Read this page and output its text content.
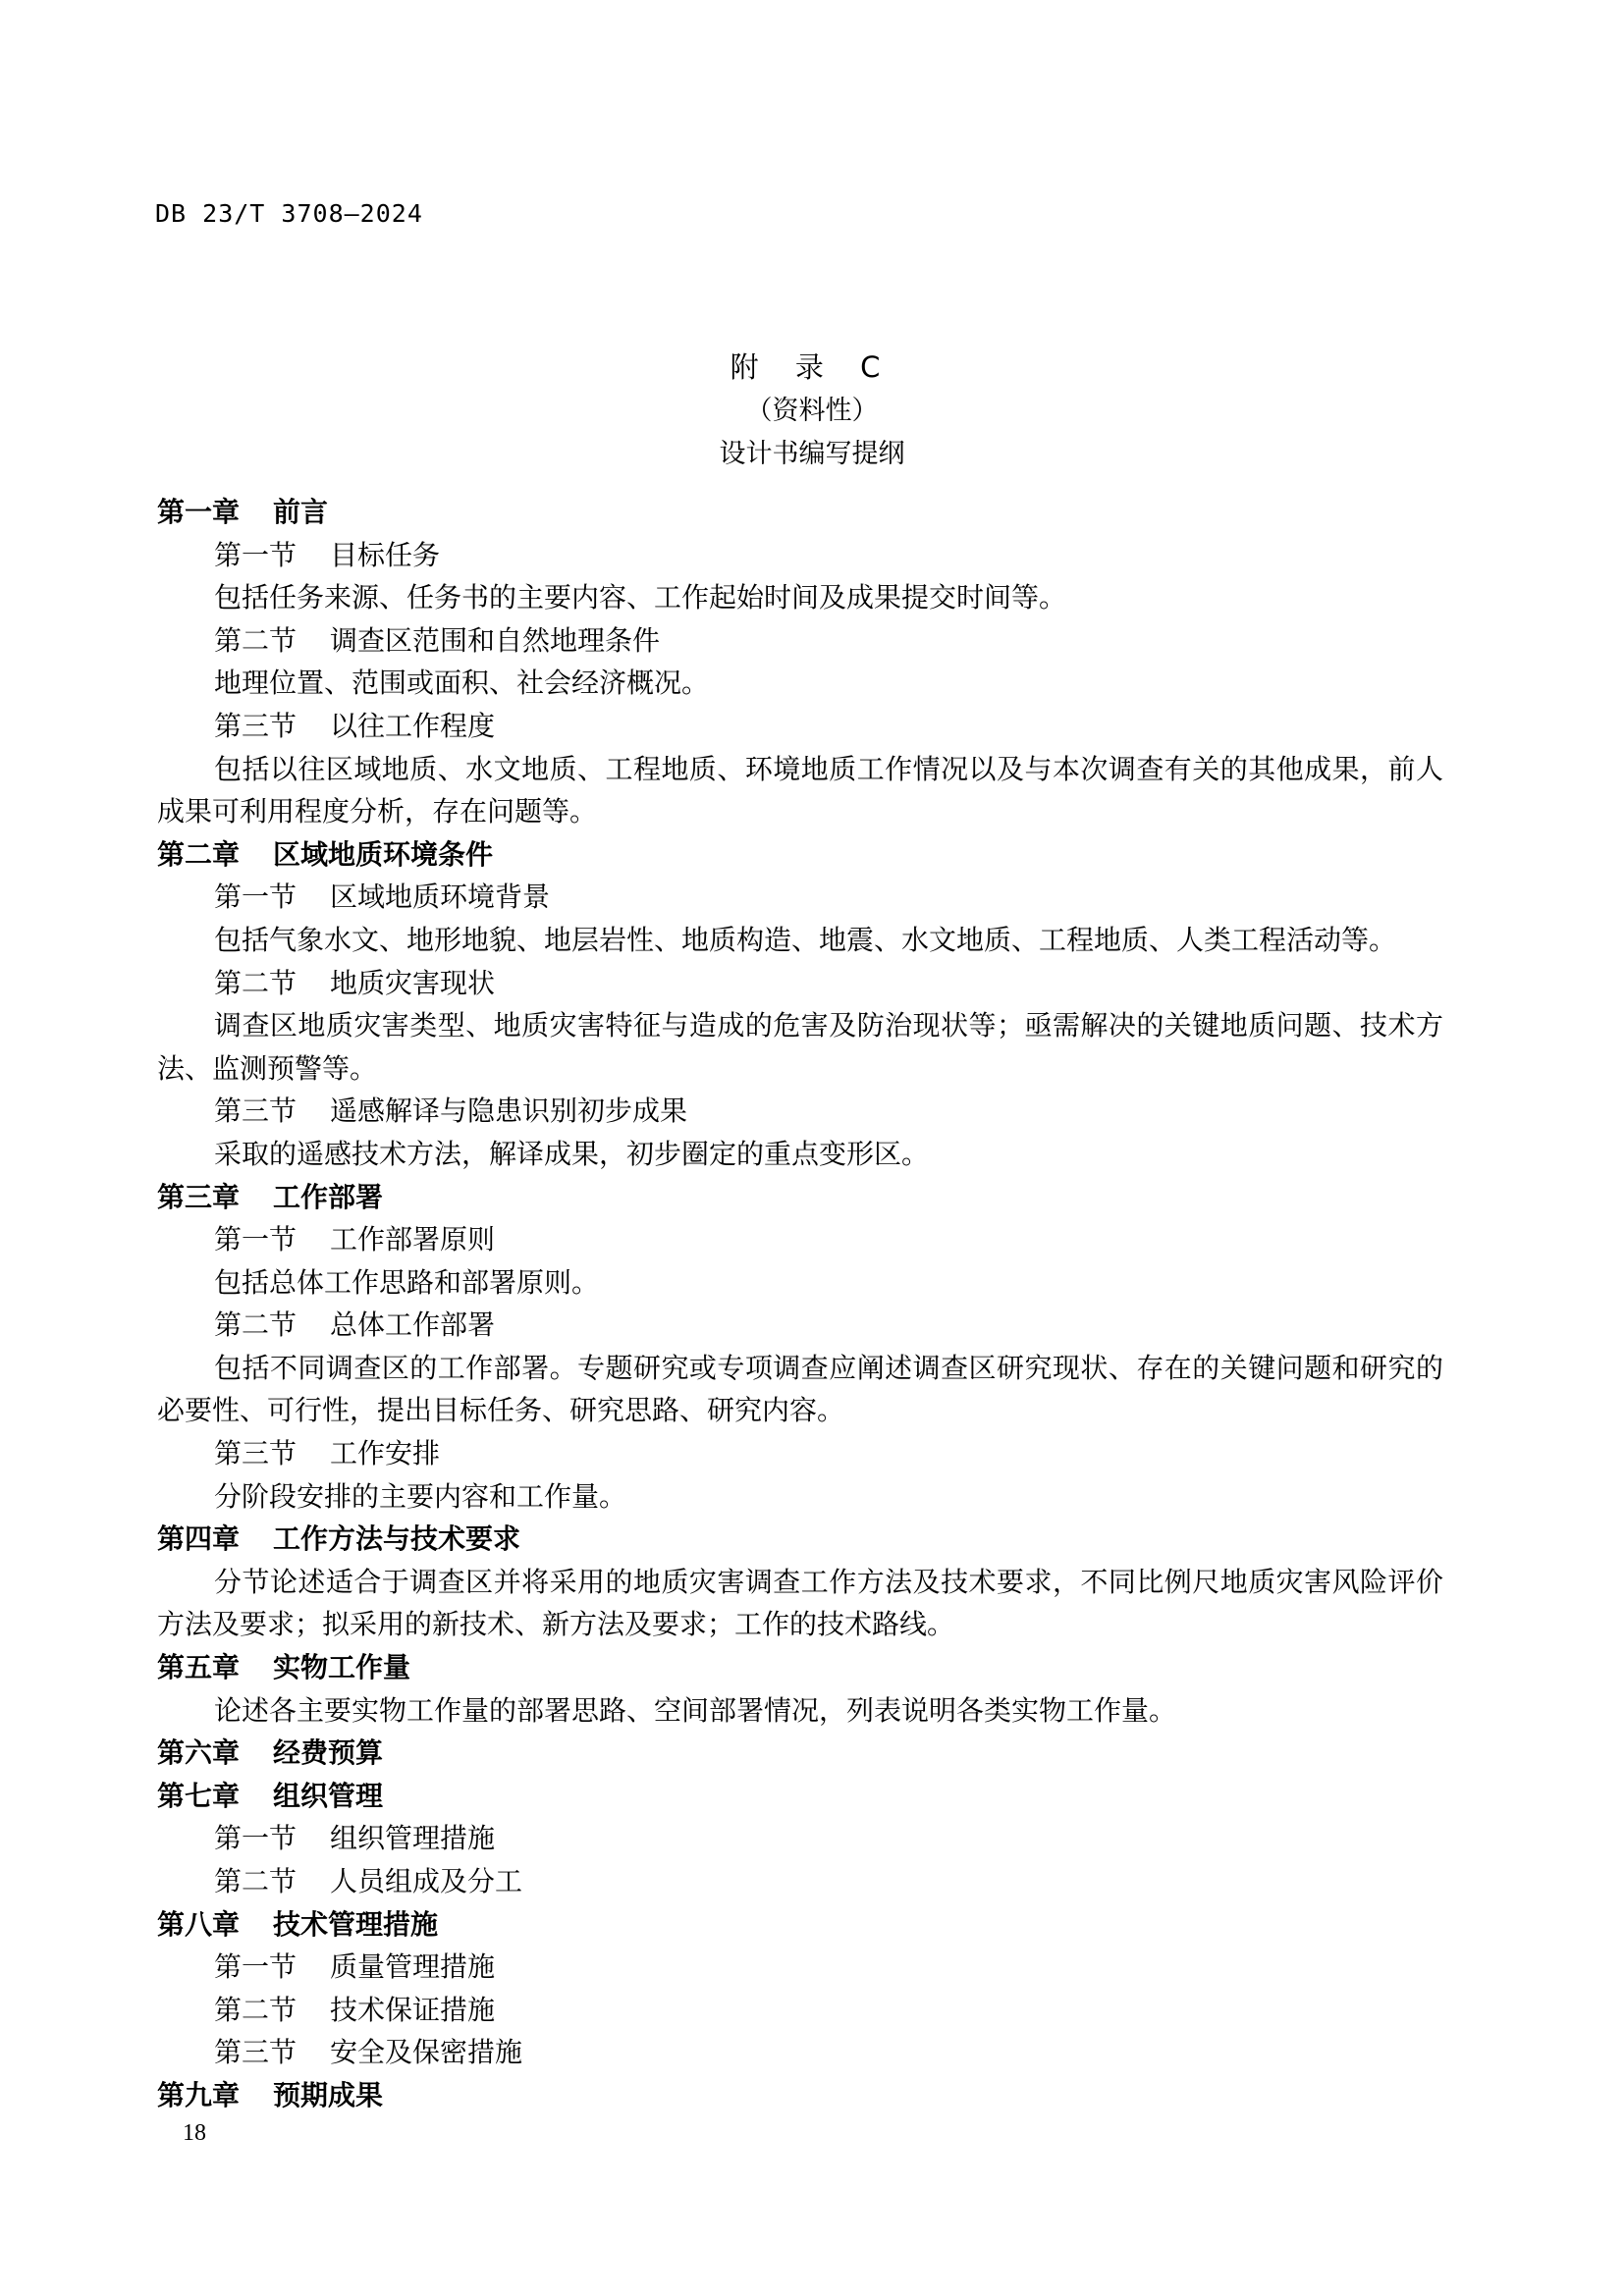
DB 23/T 3708—2024
附 录 C
（资料性）
设计书编写提纲
第一章 前言
第一节 目标任务
包括任务来源、任务书的主要内容、工作起始时间及成果提交时间等。
第二节 调查区范围和自然地理条件
地理位置、范围或面积、社会经济概况。
第三节 以往工作程度
包括以往区域地质、水文地质、工程地质、环境地质工作情况以及与本次调查有关的其他成果，前人成果可利用程度分析，存在问题等。
第二章 区域地质环境条件
第一节 区域地质环境背景
包括气象水文、地形地貌、地层岩性、地质构造、地震、水文地质、工程地质、人类工程活动等。
第二节 地质灾害现状
调查区地质灾害类型、地质灾害特征与造成的危害及防治现状等；亟需解决的关键地质问题、技术方法、监测预警等。
第三节 遥感解译与隐患识别初步成果
采取的遥感技术方法，解译成果，初步圈定的重点变形区。
第三章 工作部署
第一节 工作部署原则
包括总体工作思路和部署原则。
第二节 总体工作部署
包括不同调查区的工作部署。专题研究或专项调查应阐述调查区研究现状、存在的关键问题和研究的必要性、可行性，提出目标任务、研究思路、研究内容。
第三节 工作安排
分阶段安排的主要内容和工作量。
第四章 工作方法与技术要求
分节论述适合于调查区并将采用的地质灾害调查工作方法及技术要求，不同比例尺地质灾害风险评价方法及要求；拟采用的新技术、新方法及要求；工作的技术路线。
第五章 实物工作量
论述各主要实物工作量的部署思路、空间部署情况，列表说明各类实物工作量。
第六章 经费预算
第七章 组织管理
第一节 组织管理措施
第二节 人员组成及分工
第八章 技术管理措施
第一节 质量管理措施
第二节 技术保证措施
第三节 安全及保密措施
第九章 预期成果
18
